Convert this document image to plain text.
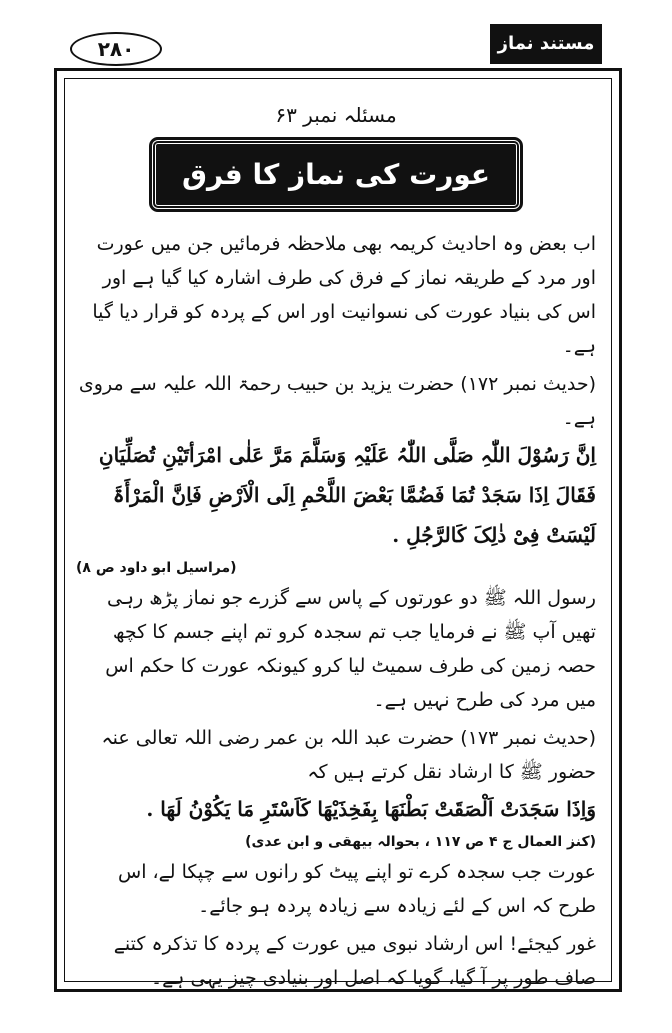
۲۸۰	مستند نماز حنفی
مسئلہ نمبر ۶۳
عورت کی نماز کا فرق

اب بعض وہ احادیث کریمہ بھی ملاحظہ فرمائیں جن میں عورت اور مرد کے طریقہ نماز کے فرق کی طرف اشارہ کیا گیا ہے اور اس کی بنیاد عورت کی نسوانیت اور اس کے پردہ کو قرار دیا گیا ہے۔

(حدیث نمبر ۱۷۲) حضرت یزید بن حبیب رحمۃ اللہ علیہ سے مروی ہے۔

اِنَّ رَسُوْلَ اللّٰہِ صَلَّی اللّٰہُ عَلَیْہِ وَسَلَّمَ مَرَّ عَلٰی امْرَأتَیْنِ تُصَلِّیَانِ فَقَالَ اِذَا سَجَدْ تُمَا فَضُمَّا بَعْضَ اللَّحْمِ اِلَی الْاَرْضِ فَاِنَّ الْمَرْأَۃَ لَیْسَتْ فِیْ ذٰلِکَ کَالرَّجُلِ .

(مراسیل ابو داود ص ۸)

رسول اللہ ﷺ دو عورتوں کے پاس سے گزرے جو نماز پڑھ رہی تھیں آپ ﷺ نے فرمایا جب تم سجدہ کرو تم اپنے جسم کا کچھ حصہ زمین کی طرف سمیٹ لیا کرو کیونکہ عورت کا حکم اس میں مرد کی طرح نہیں ہے۔

(حدیث نمبر ۱۷۳) حضرت عبد اللہ بن عمر رضی اللہ تعالی عنہ حضور ﷺ کا ارشاد نقل کرتے ہیں کہ

وَاِذَا سَجَدَتْ اَلْصَقَتْ بَطْنَھَا بِفَخِذَیْھَا کَاَسْتَرِ مَا یَکُوْنُ لَھَا .

(کنز العمال ج ۴ ص ۱۱۷ ، بحوالہ بیھقی و ابن عدی)

عورت جب سجدہ کرے تو اپنے پیٹ کو رانوں سے چپکا لے، اس طرح کہ اس کے لئے زیادہ سے زیادہ پردہ ہو جائے۔

غور کیجئے! اس ارشاد نبوی میں عورت کے پردہ کا تذکرہ کتنے صاف طور پر آ گیا، گویا کہ اصل اور بنیادی چیز یہی ہے۔
